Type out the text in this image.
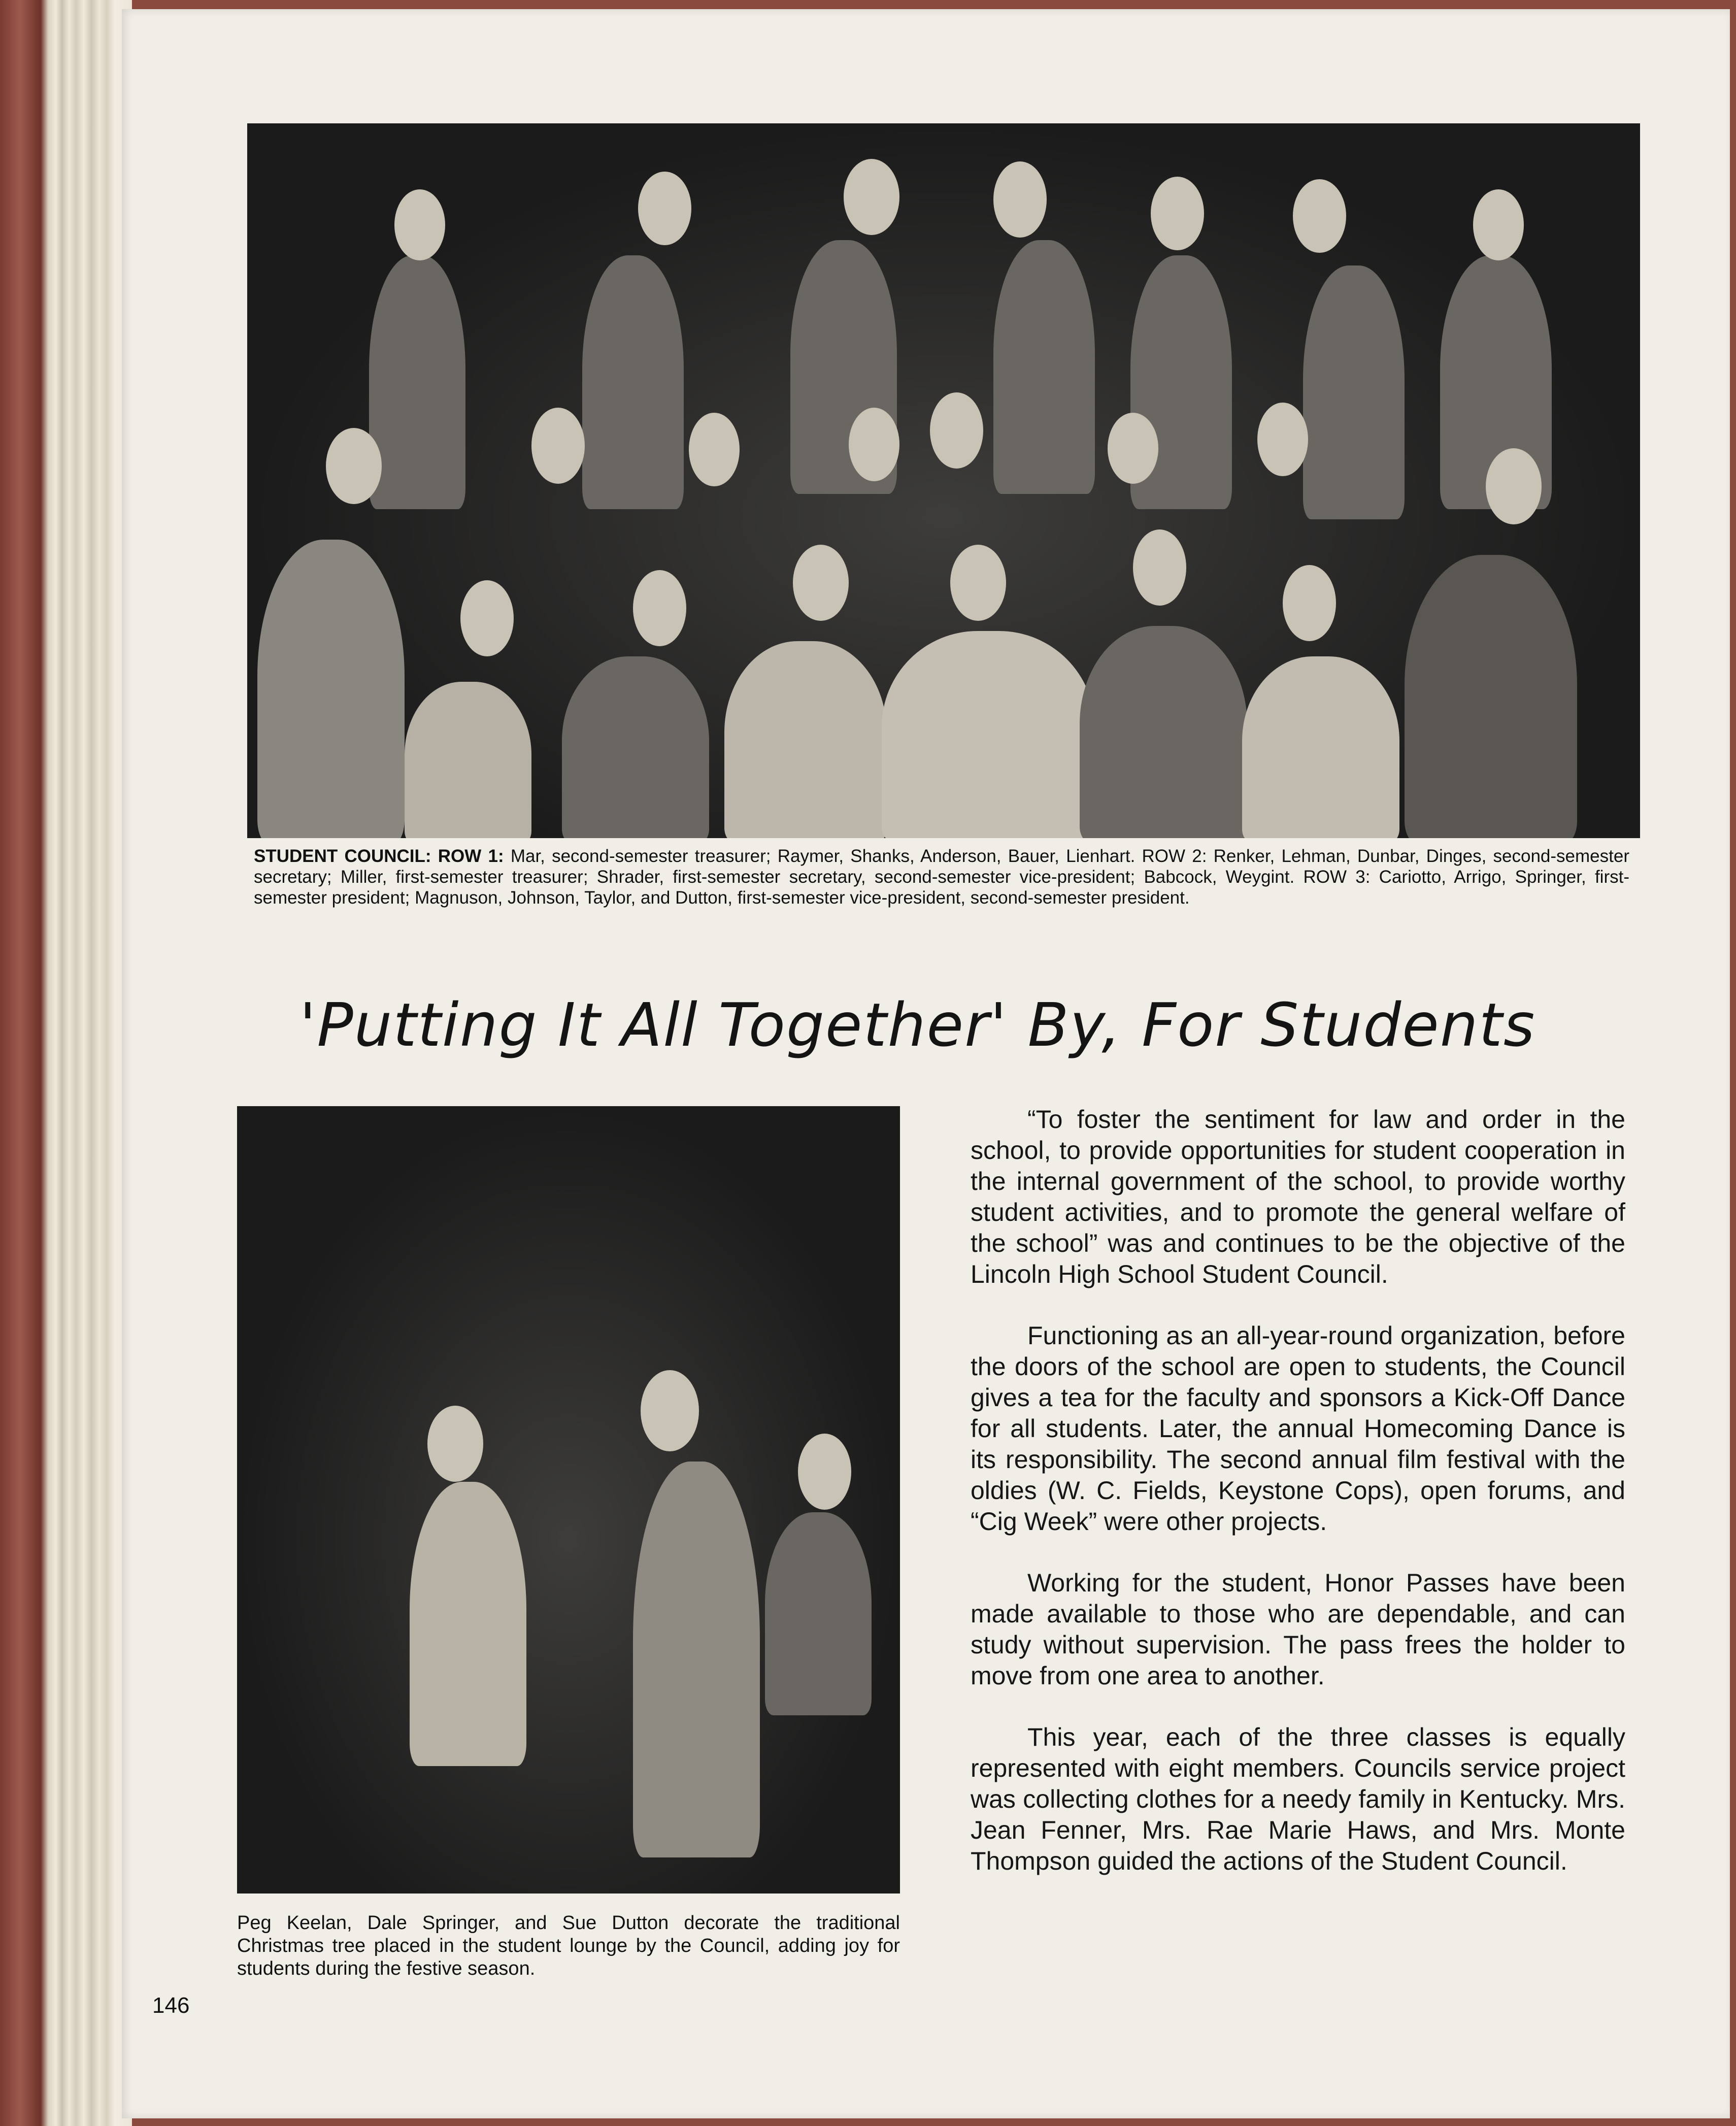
STUDENT COUNCIL: ROW 1: Mar, second-semester treasurer; Raymer, Shanks, Anderson, Bauer, Lienhart. ROW 2: Renker, Lehman, Dunbar, Dinges, second-semester secretary; Miller, first-semester treasurer; Shrader, first-semester secretary, second-semester vice-president; Babcock, Weygint. ROW 3: Cariotto, Arrigo, Springer, first-semester president; Magnuson, Johnson, Taylor, and Dutton, first-semester vice-president, second-semester president.
'Putting It All Together' By, For Students
Peg Keelan, Dale Springer, and Sue Dutton decorate the traditional Christmas tree placed in the student lounge by the Council, adding joy for students during the festive season.

“To foster the sentiment for law and order in the school, to provide opportunities for student cooperation in the internal government of the school, to provide worthy student activities, and to promote the general welfare of the school” was and continues to be the objective of the Lincoln High School Student Council.

Functioning as an all-year-round organization, before the doors of the school are open to students, the Council gives a tea for the faculty and sponsors a Kick-Off Dance for all students. Later, the annual Homecoming Dance is its responsibility. The second annual film festival with the oldies (W. C. Fields, Keystone Cops), open forums, and “Cig Week” were other projects.

Working for the student, Honor Passes have been made available to those who are dependable, and can study without supervision. The pass frees the holder to move from one area to another.

This year, each of the three classes is equally represented with eight members. Councils service project was collecting clothes for a needy family in Kentucky. Mrs. Jean Fenner, Mrs. Rae Marie Haws, and Mrs. Monte Thompson guided the actions of the Student Council.

146
